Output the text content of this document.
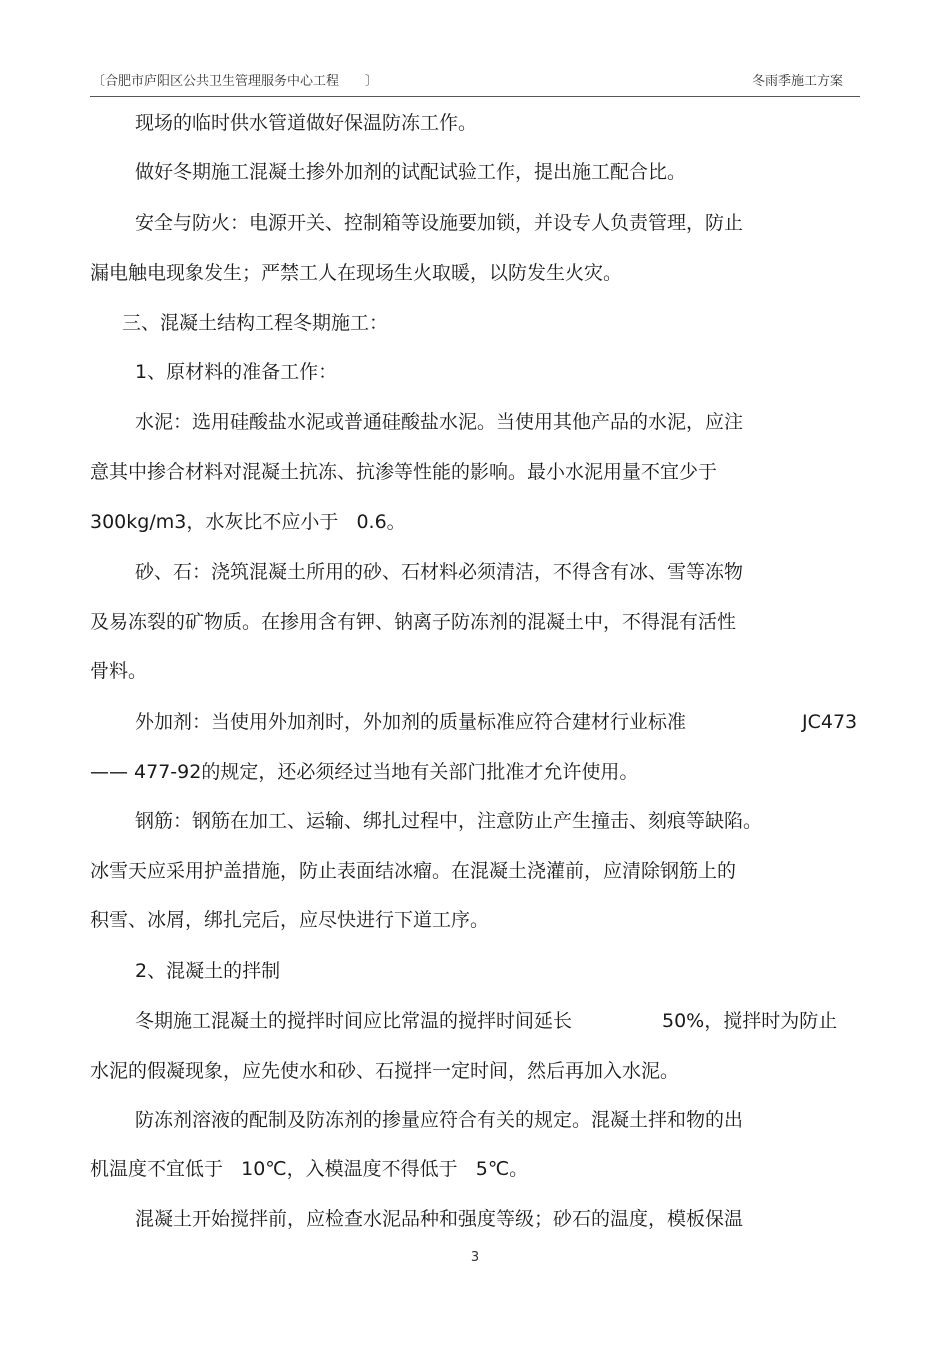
〔合肥市庐阳区公共卫生管理服务中心工程　　〕	冬雨季施工方案
现场的临时供水管道做好保温防冻工作。
做好冬期施工混凝土掺外加剂的试配试验工作，提出施工配合比。
安全与防火：电源开关、控制箱等设施要加锁，并设专人负责管理，防止
漏电触电现象发生；严禁工人在现场生火取暖，以防发生火灾。
三、混凝土结构工程冬期施工：
1、原材料的准备工作：
水泥：选用硅酸盐水泥或普通硅酸盐水泥。当使用其他产品的水泥，应注
意其中掺合材料对混凝土抗冻、抗渗等性能的影响。最小水泥用量不宜少于
300kg/m3，水灰比不应小于   0.6。
砂、石：浇筑混凝土所用的砂、石材料必须清洁，不得含有冰、雪等冻物
及易冻裂的矿物质。在掺用含有钾、钠离子防冻剂的混凝土中，不得混有活性
骨料。
外加剂：当使用外加剂时，外加剂的质量标准应符合建材行业标准	JC473
—— 477-92的规定，还必须经过当地有关部门批准才允许使用。
钢筋：钢筋在加工、运输、绑扎过程中，注意防止产生撞击、刻痕等缺陷。
冰雪天应采用护盖措施，防止表面结冰瘤。在混凝土浇灌前，应清除钢筋上的
积雪、冰屑，绑扎完后，应尽快进行下道工序。
2、混凝土的拌制
冬期施工混凝土的搅拌时间应比常温的搅拌时间延长	50%，搅拌时为防止
水泥的假凝现象，应先使水和砂、石搅拌一定时间，然后再加入水泥。
防冻剂溶液的配制及防冻剂的掺量应符合有关的规定。混凝土拌和物的出
机温度不宜低于   10℃，入模温度不得低于   5℃。
混凝土开始搅拌前，应检查水泥品种和强度等级；砂石的温度，模板保温
3
